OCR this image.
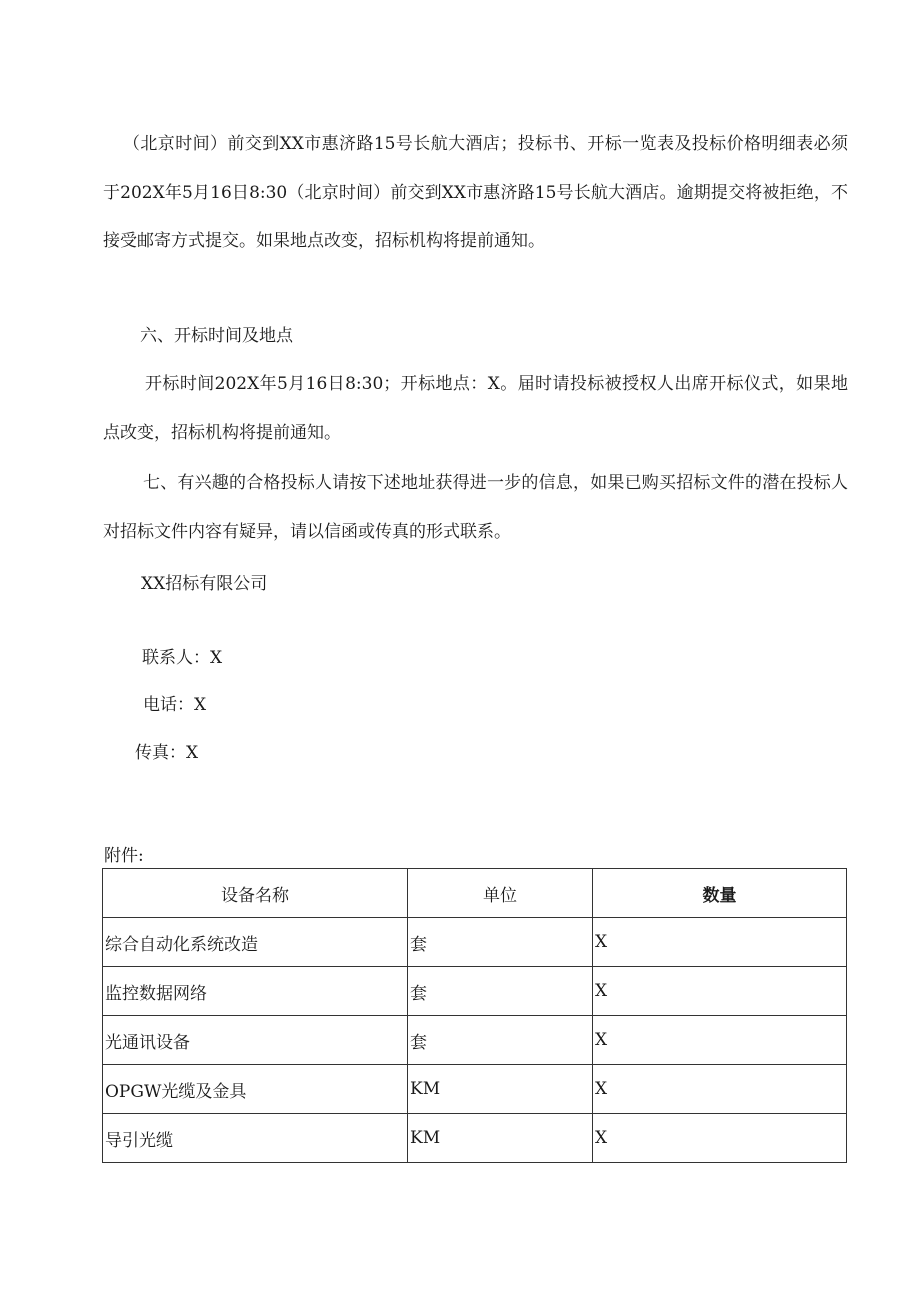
（北京时间）前交到XX市惠济路15号长航大酒店；投标书、开标一览表及投标价格明细表必须于202X年5月16日8:30（北京时间）前交到XX市惠济路15号长航大酒店。逾期提交将被拒绝，不接受邮寄方式提交。如果地点改变，招标机构将提前通知。

六、开标时间及地点

开标时间202X年5月16日8:30；开标地点：X。届时请投标被授权人出席开标仪式，如果地点改变，招标机构将提前通知。

七、有兴趣的合格投标人请按下述地址获得进一步的信息，如果已购买招标文件的潜在投标人对招标文件内容有疑异，请以信函或传真的形式联系。

XX招标有限公司

联系人：X

电话：X

传真：X

附件:

设备名称	单位	数量
综合自动化系统改造	套	X
监控数据网络	套	X
光通讯设备	套	X
OPGW光缆及金具	KM	X
导引光缆	KM	X
